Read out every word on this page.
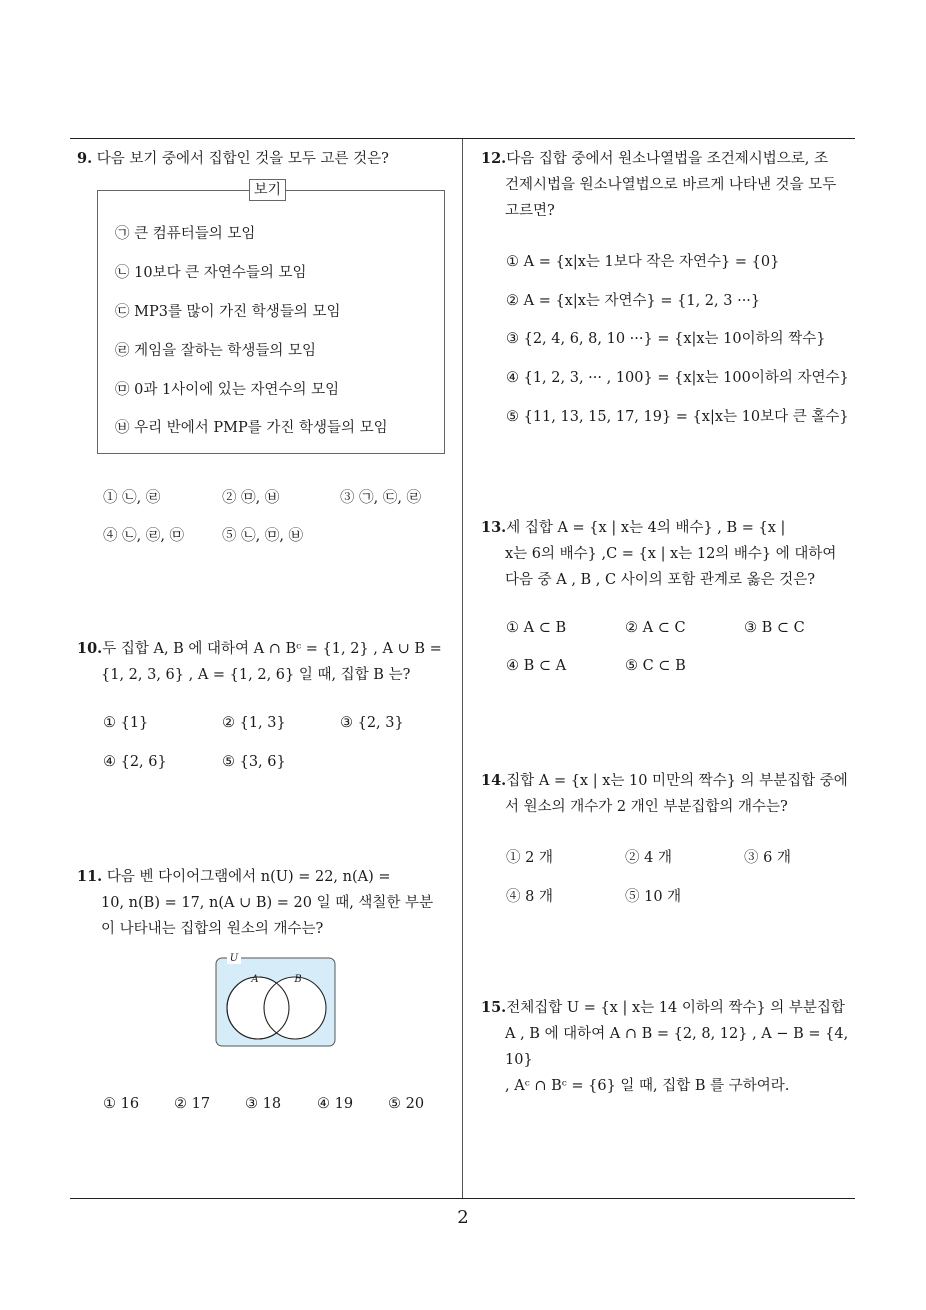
9. 다음 보기 중에서 집합인 것을 모두 고른 것은?
보기
㉠ 큰 컴퓨터들의 모임
㉡ 10보다 큰 자연수들의 모임
㉢ MP3를 많이 가진 학생들의 모임
㉣ 게임을 잘하는 학생들의 모임
㉤ 0과 1사이에 있는 자연수의 모임
㉥ 우리 반에서 PMP를 가진 학생들의 모임
① ㉡, ㉣	② ㉤, ㉥	③ ㉠, ㉢, ㉣
④ ㉡, ㉣, ㉤	⑤ ㉡, ㉤, ㉥
10.두 집합 A, B 에 대하여 A ∩ Bᶜ = {1, 2} , A ∪ B =
{1, 2, 3, 6} , A = {1, 2, 6} 일 때, 집합 B 는?
① {1}	② {1, 3}	③ {2, 3}
④ {2, 6}	⑤ {3, 6}
11. 다음 벤 다이어그램에서 n(U) = 22, n(A) =
10, n(B) = 17, n(A ∪ B) = 20 일 때, 색칠한 부분
이 나타내는 집합의 원소의 개수는?
U
A	B
① 16 ② 17 ③ 18 ④ 19 ⑤ 20
12.다음 집합 중에서 원소나열법을 조건제시법으로, 조
건제시법을 원소나열법으로 바르게 나타낸 것을 모두
고르면?
① A = {x|x는 1보다 작은 자연수} = {0}
② A = {x|x는 자연수} = {1, 2, 3 ···}
③ {2, 4, 6, 8, 10 ···} = {x|x는 10이하의 짝수}
④ {1, 2, 3, ··· , 100} = {x|x는 100이하의 자연수}
⑤ {11, 13, 15, 17, 19} = {x|x는 10보다 큰 홀수}
13.세 집합 A = {x | x는 4의 배수} , B = {x |
x는 6의 배수} ,C = {x | x는 12의 배수} 에 대하여
다음 중 A , B , C 사이의 포함 관계로 옳은 것은?
① A ⊂ B	② A ⊂ C	③ B ⊂ C
④ B ⊂ A	⑤ C ⊂ B
14.집합 A = {x | x는 10 미만의 짝수} 의 부분집합 중에
서 원소의 개수가 2 개인 부분집합의 개수는?
① 2 개	② 4 개	③ 6 개
④ 8 개	⑤ 10 개
15.전체집합 U = {x | x는 14 이하의 짝수} 의 부분집합
A , B 에 대하여 A ∩ B = {2, 8, 12} , A − B = {4, 10}
, Aᶜ ∩ Bᶜ = {6} 일 때, 집합 B 를 구하여라.
2
